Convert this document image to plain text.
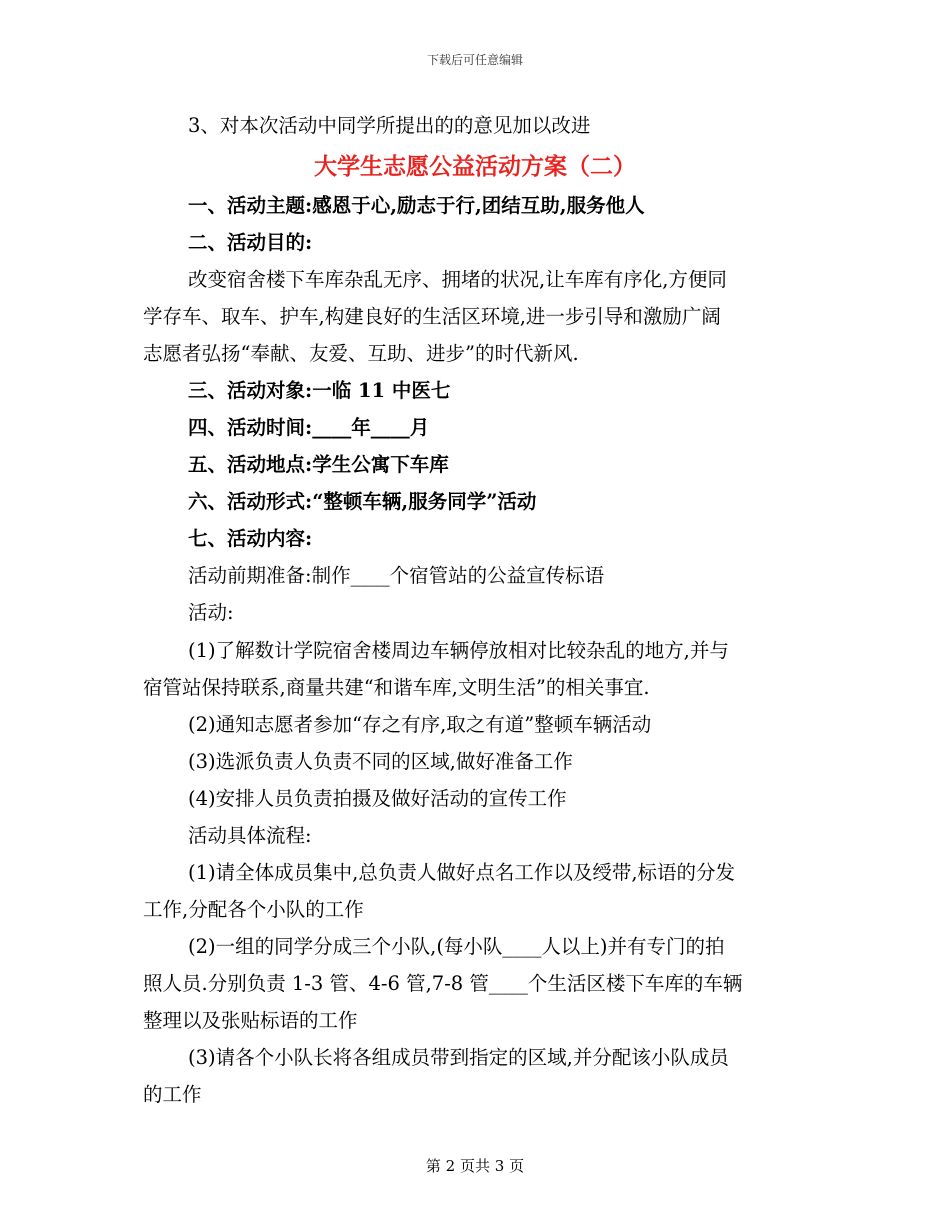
下载后可任意编辑
3、对本次活动中同学所提出的的意见加以改进
大学生志愿公益活动方案（二）
一、活动主题:感恩于心,励志于行,团结互助,服务他人
二、活动目的:
改变宿舍楼下车库杂乱无序、拥堵的状况,让车库有序化,方便同
学存车、取车、护车,构建良好的生活区环境,进一步引导和激励广阔
志愿者弘扬“奉献、友爱、互助、进步”的时代新风.
三、活动对象:一临 11 中医七
四、活动时间:____年____月
五、活动地点:学生公寓下车库
六、活动形式:“整顿车辆,服务同学”活动
七、活动内容:
活动前期准备:制作____个宿管站的公益宣传标语
活动:
(1)了解数计学院宿舍楼周边车辆停放相对比较杂乱的地方,并与
宿管站保持联系,商量共建“和谐车库,文明生活”的相关事宜.
(2)通知志愿者参加“存之有序,取之有道”整顿车辆活动
(3)选派负责人负责不同的区域,做好准备工作
(4)安排人员负责拍摄及做好活动的宣传工作
活动具体流程:
(1)请全体成员集中,总负责人做好点名工作以及绶带,标语的分发
工作,分配各个小队的工作
(2)一组的同学分成三个小队,(每小队____人以上)并有专门的拍
照人员.分别负责 1-3 管、4-6 管,7-8 管____个生活区楼下车库的车辆
整理以及张贴标语的工作
(3)请各个小队长将各组成员带到指定的区域,并分配该小队成员
的工作
第 2 页共 3 页
